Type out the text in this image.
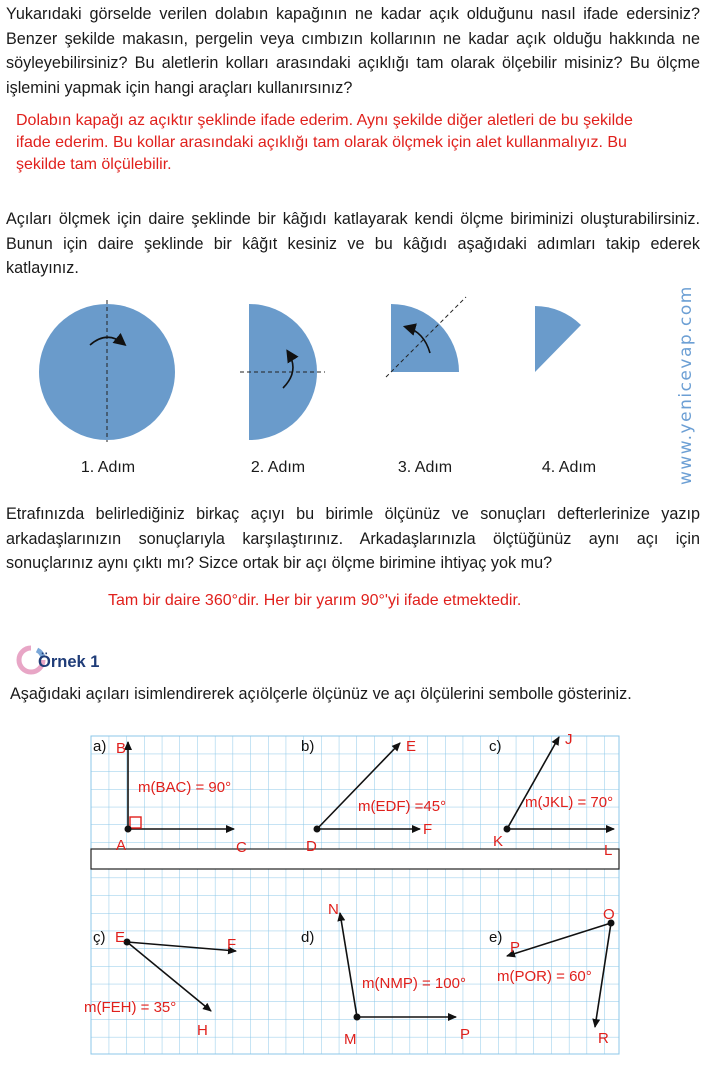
Yukarıdaki görselde verilen dolabın kapağının ne kadar açık olduğunu nasıl ifade edersiniz? Benzer şekilde makasın, pergelin veya cımbızın kollarının ne kadar açık olduğu hakkında ne söyleyebilirsiniz? Bu aletlerin kolları arasındaki açıklığı tam olarak ölçebilir misiniz? Bu ölçme işlemini yapmak için hangi araçları kullanırsınız?
Dolabın kapağı az açıktır şeklinde ifade ederim. Aynı şekilde diğer aletleri de bu şekilde ifade ederim. Bu kollar arasındaki açıklığı tam olarak ölçmek için alet kullanmalıyız. Bu şekilde tam ölçülebilir.
Açıları ölçmek için daire şeklinde bir kâğıdı katlayarak kendi ölçme biriminizi oluşturabilirsiniz. Bunun için daire şeklinde bir kâğıt kesiniz ve bu kâğıdı aşağıdaki adımları takip ederek katlayınız.
www.yenicevap.com
1. Adım	2. Adım	3. Adım	4. Adım
Etrafınızda belirlediğiniz birkaç açıyı bu birimle ölçünüz ve sonuçları defterlerinize yazıp arkadaşlarınızın sonuçlarıyla karşılaştırınız. Arkadaşlarınızla ölçtüğünüz aynı açı için sonuçlarınız aynı çıktı mı? Sizce ortak bir açı ölçme birimine ihtiyaç yok mu?
Tam bir daire 360°dir. Her bir yarım 90°'yi ifade etmektedir.
Örnek 1
Aşağıdaki açıları isimlendirerek açıölçerle ölçünüz ve açı ölçülerini sembolle gösteriniz.
a)	b)	c)
ç)	d)	e)
B
A	C
m(BAC) = 90°
E
D
F
m(EDF) =45°
J
K
L
m(JKL) = 70°
E	F
H
m(FEH) = 35°
N
M	P
m(NMP) = 100°
O
P
R
m(POR) = 60°
